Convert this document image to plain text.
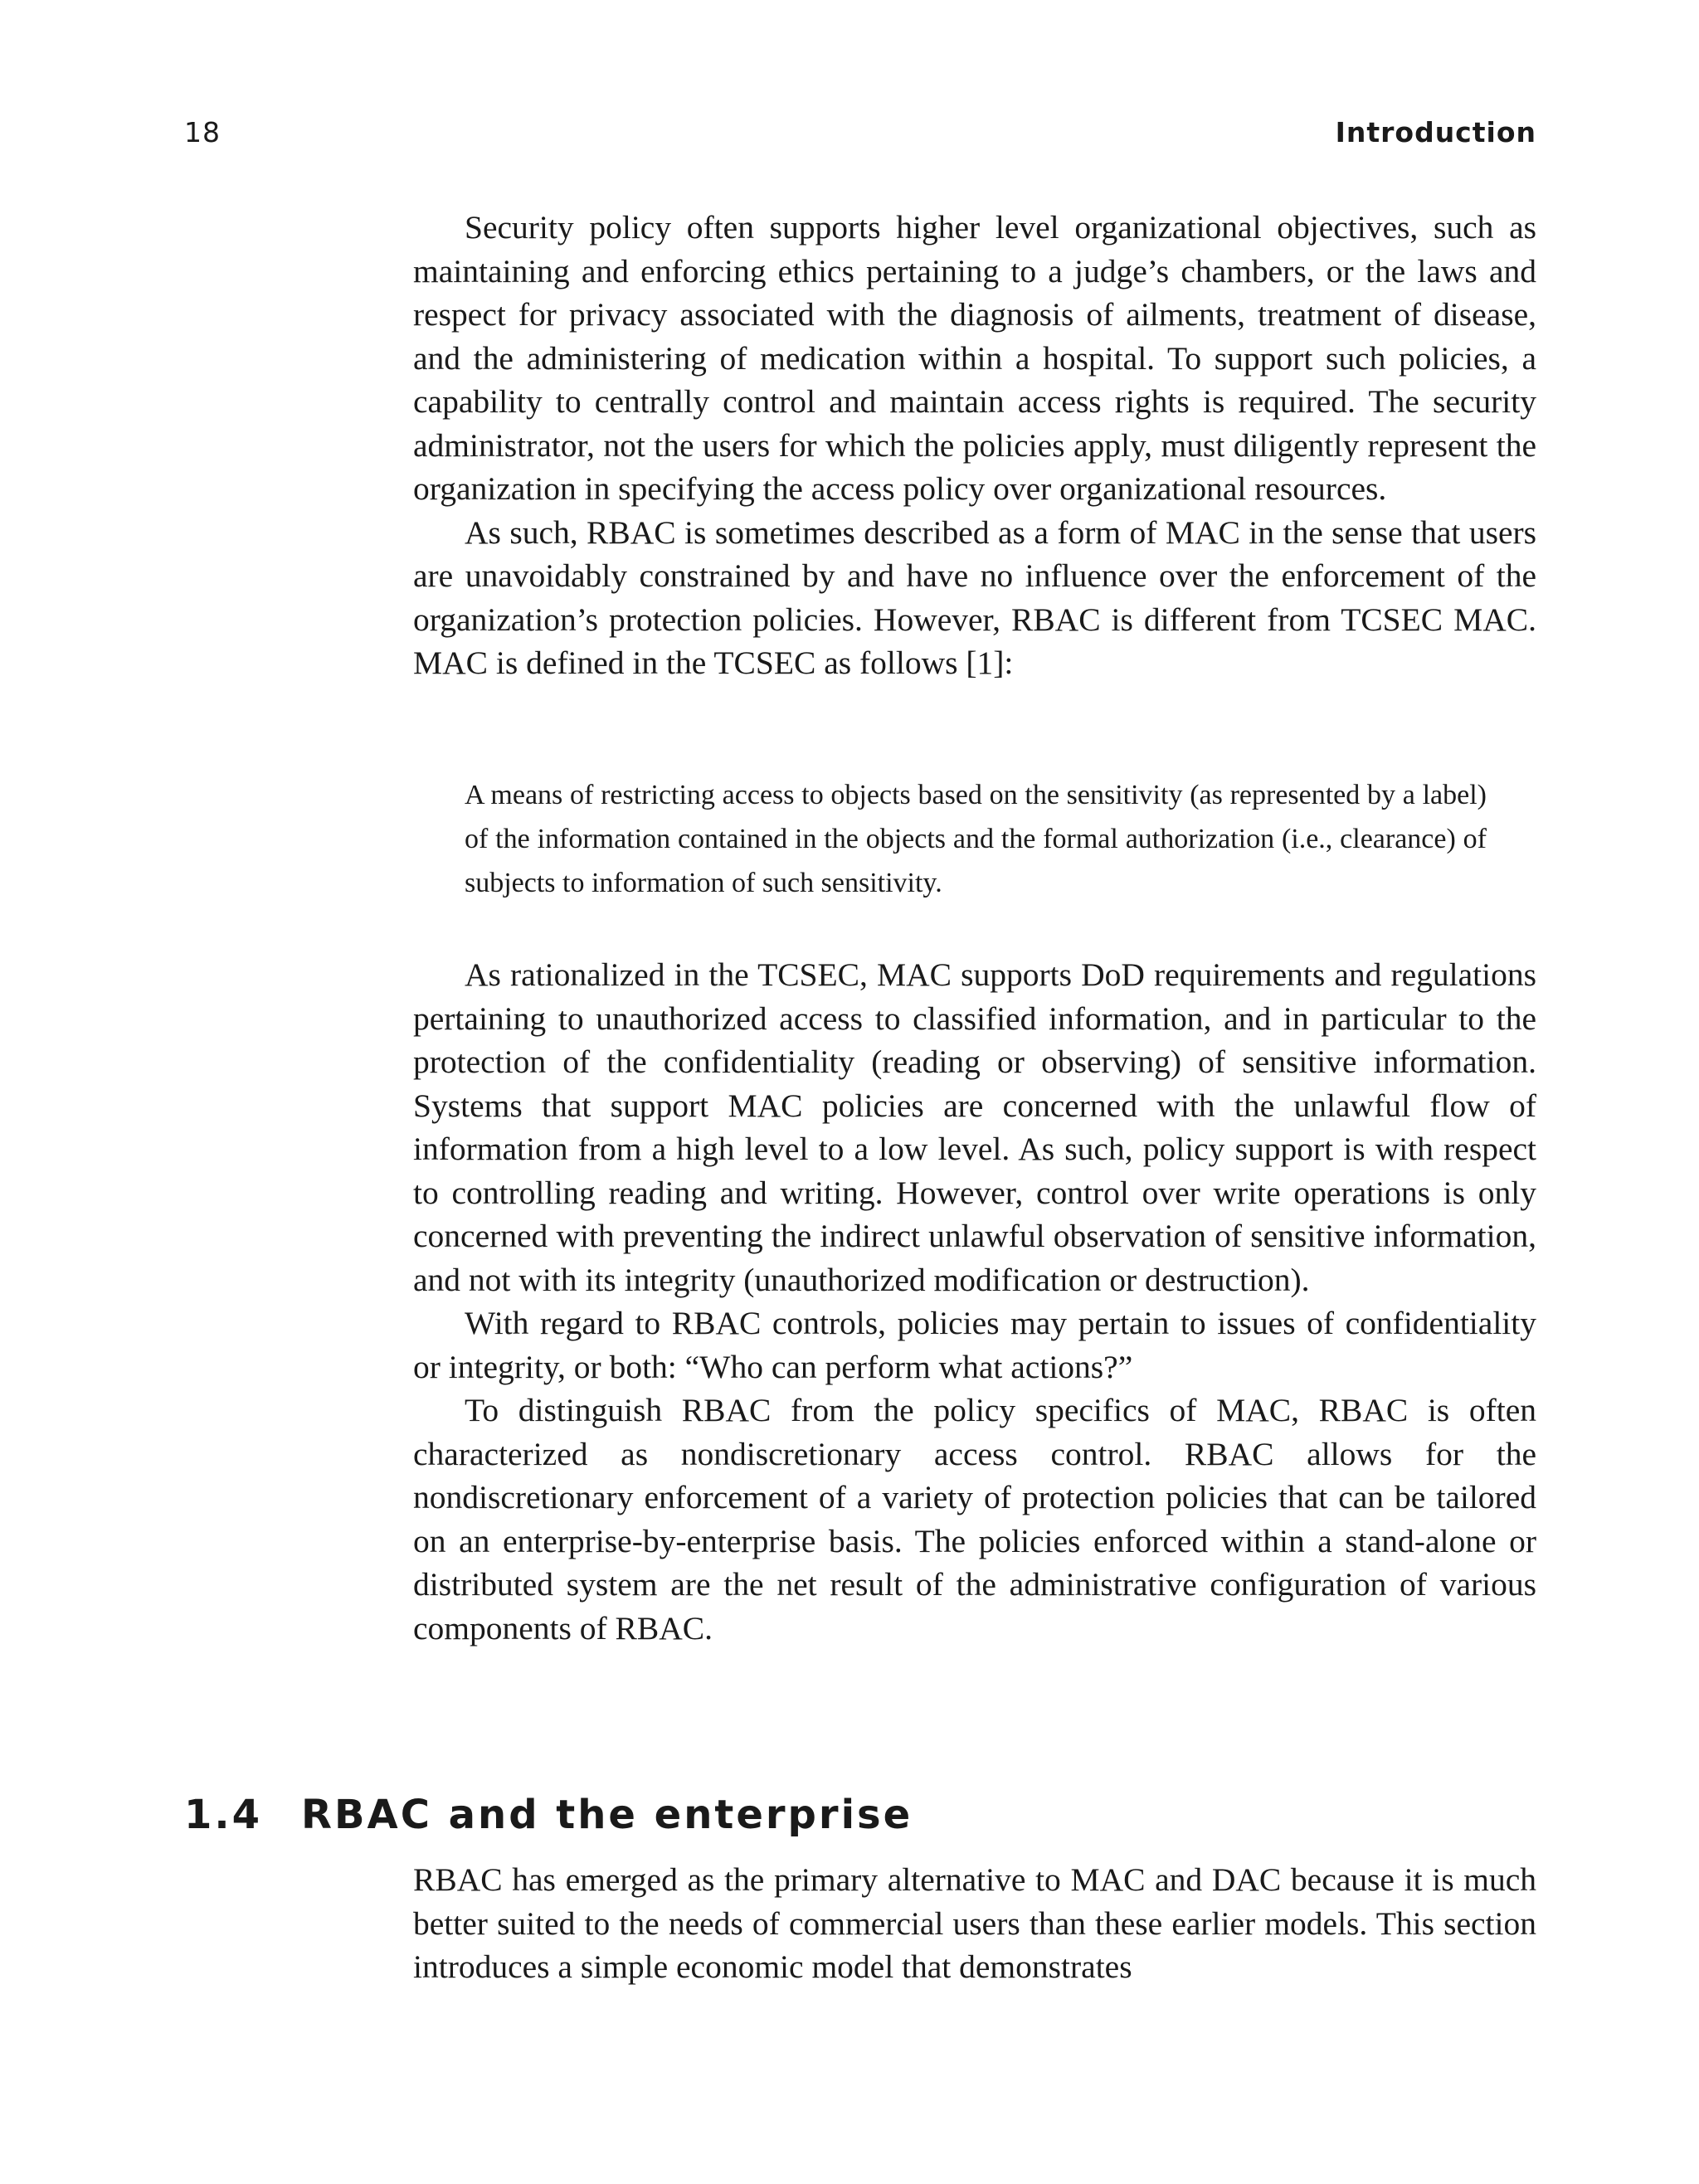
18	Introduction

Security policy often supports higher level organizational objectives, such as maintaining and enforcing ethics pertaining to a judge’s chambers, or the laws and respect for privacy associated with the diagnosis of ailments, treatment of disease, and the administering of medication within a hospital. To support such policies, a capability to centrally control and maintain access rights is required. The security administrator, not the users for which the policies apply, must diligently represent the organization in specifying the access policy over organizational resources.

As such, RBAC is sometimes described as a form of MAC in the sense that users are unavoidably constrained by and have no influence over the enforcement of the organization’s protection policies. However, RBAC is different from TCSEC MAC. MAC is defined in the TCSEC as follows [1]:

A means of restricting access to objects based on the sensitivity (as represented by a label) of the information contained in the objects and the formal authorization (i.e., clearance) of subjects to information of such sensitivity.

As rationalized in the TCSEC, MAC supports DoD requirements and regulations pertaining to unauthorized access to classified information, and in particular to the protection of the confidentiality (reading or observing) of sensitive information. Systems that support MAC policies are concerned with the unlawful flow of information from a high level to a low level. As such, policy support is with respect to controlling reading and writing. However, control over write operations is only concerned with preventing the indirect unlawful observation of sensitive information, and not with its integrity (unauthorized modification or destruction).

With regard to RBAC controls, policies may pertain to issues of confidentiality or integrity, or both: “Who can perform what actions?”

To distinguish RBAC from the policy specifics of MAC, RBAC is often characterized as nondiscretionary access control. RBAC allows for the nondiscretionary enforcement of a variety of protection policies that can be tailored on an enterprise-by-enterprise basis. The policies enforced within a stand-alone or distributed system are the net result of the administrative configuration of various components of RBAC.

1.4 RBAC and the enterprise

RBAC has emerged as the primary alternative to MAC and DAC because it is much better suited to the needs of commercial users than these earlier models. This section introduces a simple economic model that demonstrates
